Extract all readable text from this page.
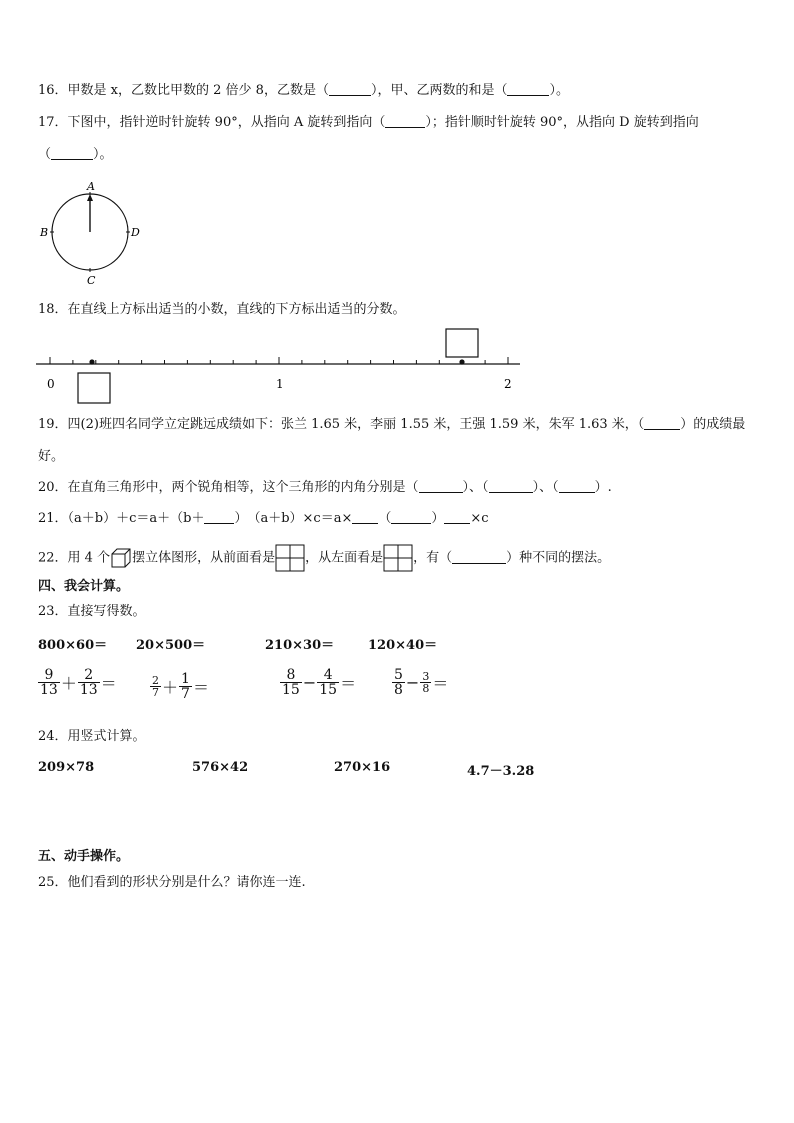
16．甲数是 x，乙数比甲数的 2 倍少 8，乙数是（	），甲、乙两数的和是（	）。
17．下图中，指针逆时针旋转 90°，从指向 A 旋转到指向（	）；指针顺时针旋转 90°，从指向 D 旋转到指向
（	）。
A
B
C
D
18．在直线上方标出适当的小数，直线的下方标出适当的分数。
0	1	2
19．四(2)班四名同学立定跳远成绩如下：张兰 1.65 米，李丽 1.55 米，王强 1.59 米，朱军 1.63 米，（	）的成绩最
好。
20．在直角三角形中，两个锐角相等，这个三角形的内角分别是（	）、（	）、（	）.
21．（a＋b）＋c＝a＋（b＋ ）　（a＋b）×c＝a× （	） ×c
22．用 4 个 摆立体图形，从前面看是 ，从左面看是 ，有（	）种不同的摆法。
四、我会计算。
23．直接写得数。
800×60＝ 20×500＝	210×30＝	120×40＝
$\frac{9}{13} + \frac{2}{13}$ ＝	$\frac{2}{7} + \frac{1}{7}$ ＝	$\frac{8}{15} - \frac{4}{15}$ ＝	$\frac{5}{8} - \frac{3}{8}$ ＝
24．用竖式计算。
209×78	576×42	270×16	4.7－3.28
五、动手操作。
25．他们看到的形状分别是什么？请你连一连.
